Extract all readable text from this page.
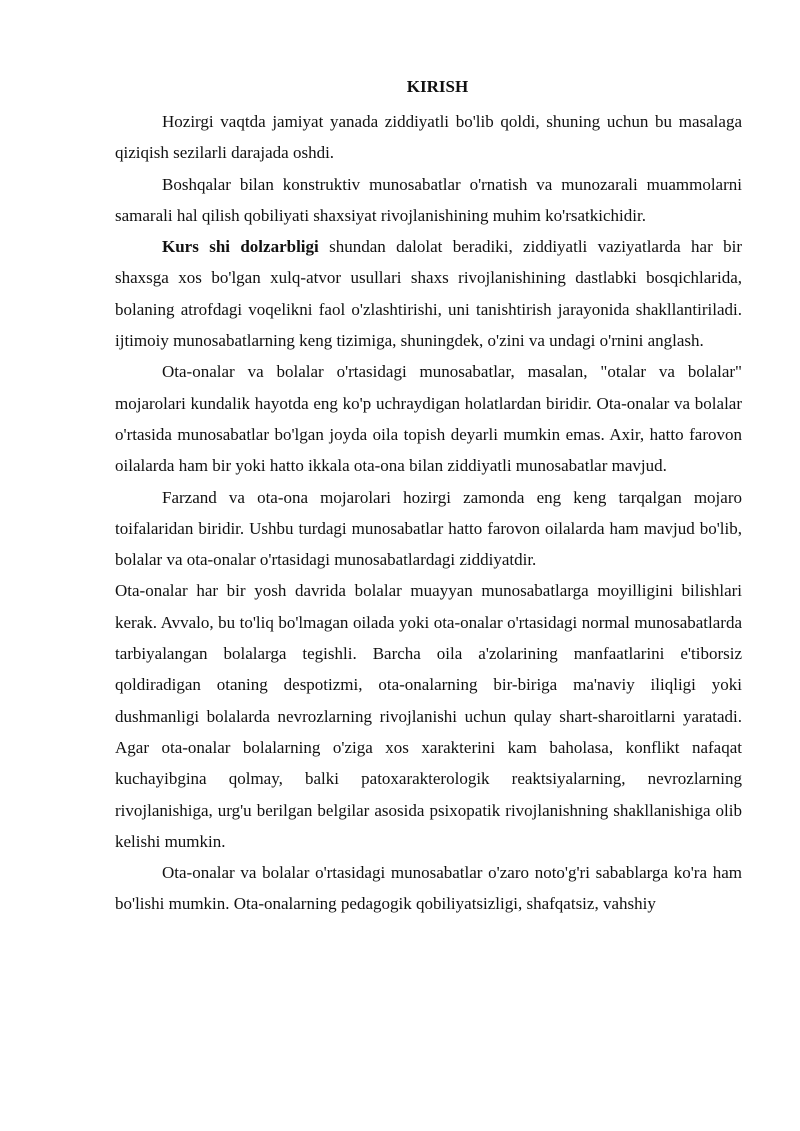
KIRISH

Hozirgi vaqtda jamiyat yanada ziddiyatli bo'lib qoldi, shuning uchun bu masalaga qiziqish sezilarli darajada oshdi.

Boshqalar bilan konstruktiv munosabatlar o'rnatish va munozarali muammolarni samarali hal qilish qobiliyati shaxsiyat rivojlanishining muhim ko'rsatkichidir.

Kurs shi dolzarbligi shundan dalolat beradiki, ziddiyatli vaziyatlarda har bir shaxsga xos bo'lgan xulq-atvor usullari shaxs rivojlanishining dastlabki bosqichlarida, bolaning atrofdagi voqelikni faol o'zlashtirishi, uni tanishtirish jarayonida shakllantiriladi. ijtimoiy munosabatlarning keng tizimiga, shuningdek, o'zini va undagi o'rnini anglash.

Ota-onalar va bolalar o'rtasidagi munosabatlar, masalan, "otalar va bolalar" mojarolari kundalik hayotda eng ko'p uchraydigan holatlardan biridir. Ota-onalar va bolalar o'rtasida munosabatlar bo'lgan joyda oila topish deyarli mumkin emas. Axir, hatto farovon oilalarda ham bir yoki hatto ikkala ota-ona bilan ziddiyatli munosabatlar mavjud.

Farzand va ota-ona mojarolari hozirgi zamonda eng keng tarqalgan mojaro toifalaridan biridir. Ushbu turdagi munosabatlar hatto farovon oilalarda ham mavjud bo'lib, bolalar va ota-onalar o'rtasidagi munosabatlardagi ziddiyatdir.

Ota-onalar har bir yosh davrida bolalar muayyan munosabatlarga moyilligini bilishlari kerak. Avvalo, bu to'liq bo'lmagan oilada yoki ota-onalar o'rtasidagi normal munosabatlarda tarbiyalangan bolalarga tegishli. Barcha oila a'zolarining manfaatlarini e'tiborsiz qoldiradigan otaning despotizmi, ota-onalarning bir-biriga ma'naviy iliqligi yoki dushmanligi bolalarda nevrozlarning rivojlanishi uchun qulay shart-sharoitlarni yaratadi. Agar ota-onalar bolalarning o'ziga xos xarakterini kam baholasa, konflikt nafaqat kuchayibgina qolmay, balki patoxarakterologik reaktsiyalarning, nevrozlarning rivojlanishiga, urg'u berilgan belgilar asosida psixopatik rivojlanishning shakllanishiga olib kelishi mumkin.

Ota-onalar va bolalar o'rtasidagi munosabatlar o'zaro noto'g'ri sabablarga ko'ra ham bo'lishi mumkin. Ota-onalarning pedagogik qobiliyatsizligi, shafqatsiz, vahshiy
